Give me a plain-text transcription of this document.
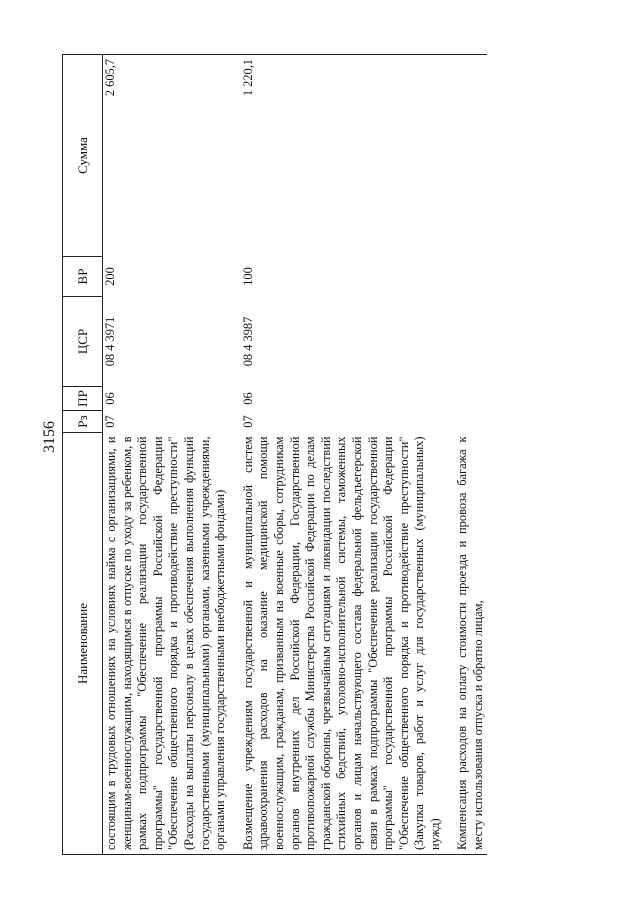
3156
Наименование	Рз	ПР	ЦСР	ВР	Сумма
состоящим в трудовых отношениях на условиях найма с организациями, и женщинам-военнослужащим, находящимся в отпуске по уходу за ребенком, в рамках подпрограммы "Обеспечение реализации государственной программы" государственной программы Российской Федерации "Обеспечение общественного порядка и противодействие преступности" (Расходы на выплаты персоналу в целях обеспечения выполнения функций государственными (муниципальными) органами, казенными учреждениями, органами управления государственными внебюджетными фондами)	07	06	08 4 3971	200	2 605,7

Возмещение учреждениям государственной и муниципальной систем здравоохранения расходов на оказание медицинской помощи военнослужащим, гражданам, призванным на военные сборы, сотрудникам органов внутренних дел Российской Федерации, Государственной противопожарной службы Министерства Российской Федерации по делам гражданской обороны, чрезвычайным ситуациям и ликвидации последствий стихийных бедствий, уголовно-исполнительной системы, таможенных органов и лицам начальствующего состава федеральной фельдъегерской связи в рамках подпрограммы "Обеспечение реализации государственной программы" государственной программы Российской Федерации "Обеспечение общественного порядка и противодействие преступности" (Закупка товаров, работ и услуг для государственных (муниципальных) нужд)	07	06	08 4 3987	100	1 220,1

Компенсация расходов на оплату стоимости проезда и провоза багажа к месту использования отпуска и обратно лицам,					
